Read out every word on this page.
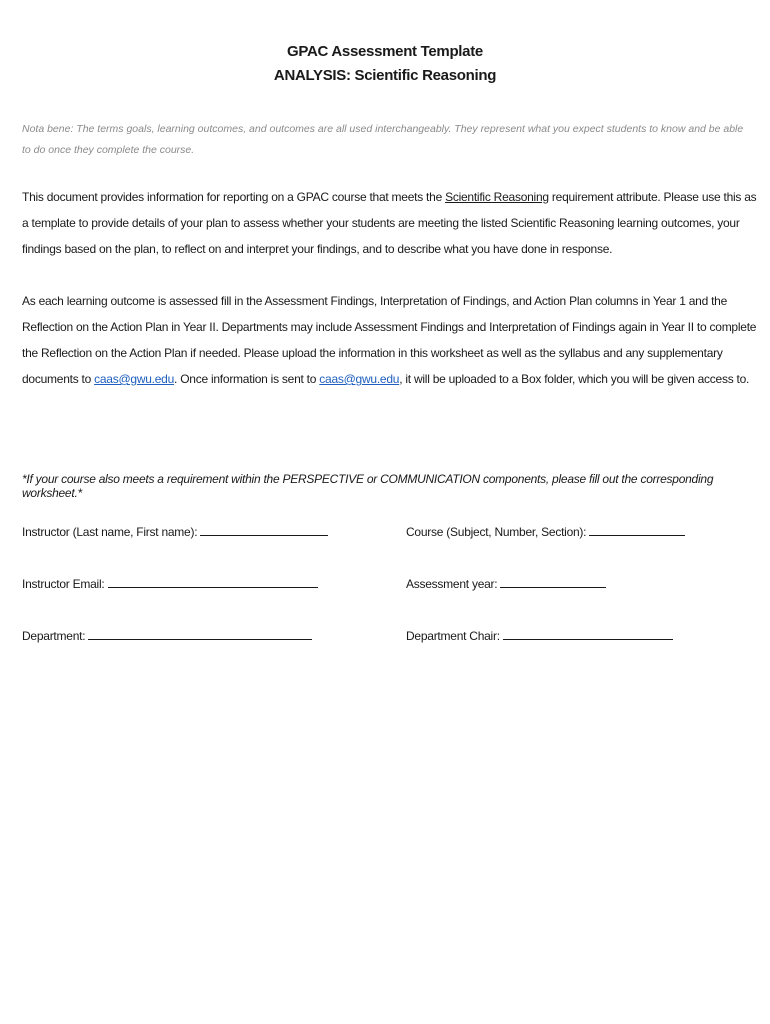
GPAC Assessment Template
ANALYSIS: Scientific Reasoning
Nota bene: The terms goals, learning outcomes, and outcomes are all used interchangeably. They represent what you expect students to know and be able to do once they complete the course.
This document provides information for reporting on a GPAC course that meets the Scientific Reasoning requirement attribute. Please use this as a template to provide details of your plan to assess whether your students are meeting the listed Scientific Reasoning learning outcomes, your findings based on the plan, to reflect on and interpret your findings, and to describe what you have done in response.
As each learning outcome is assessed fill in the Assessment Findings, Interpretation of Findings, and Action Plan columns in Year 1 and the Reflection on the Action Plan in Year II. Departments may include Assessment Findings and Interpretation of Findings again in Year II to complete the Reflection on the Action Plan if needed. Please upload the information in this worksheet as well as the syllabus and any supplementary documents to caas@gwu.edu. Once information is sent to caas@gwu.edu, it will be uploaded to a Box folder, which you will be given access to.
*If your course also meets a requirement within the PERSPECTIVE or COMMUNICATION components, please fill out the corresponding worksheet.*
Instructor (Last name, First name):	Course (Subject, Number, Section):
Instructor Email:	Assessment year:
Department:	Department Chair:
